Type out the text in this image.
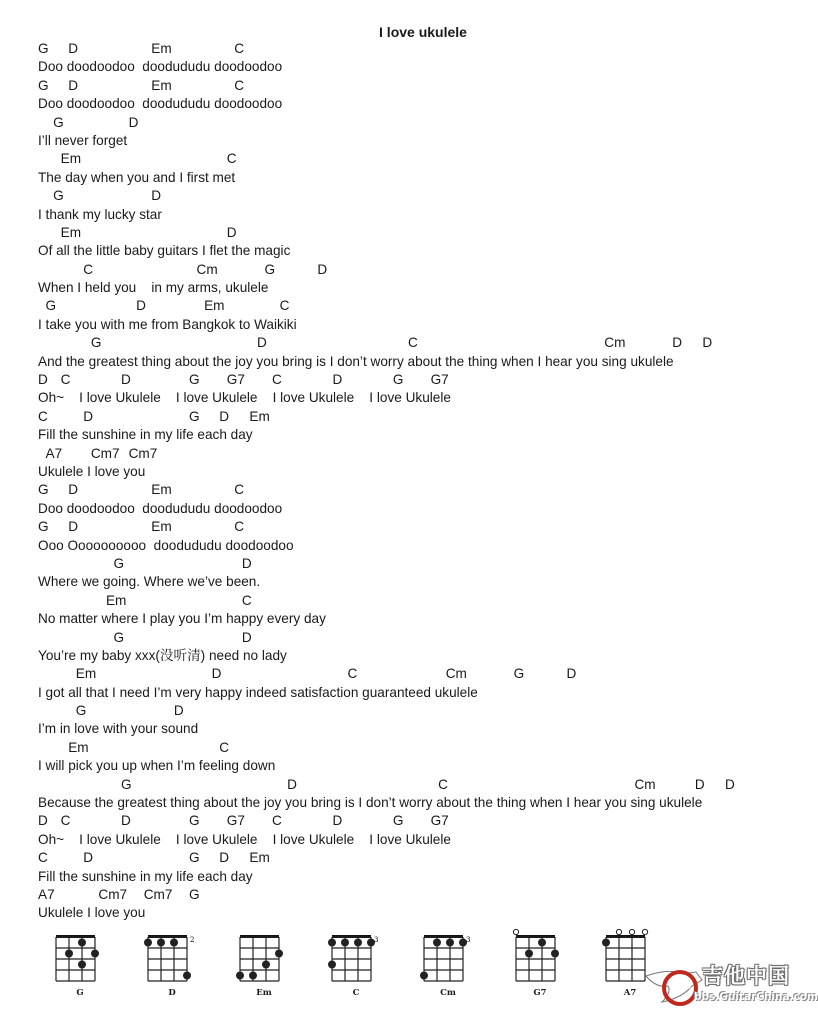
I love ukulele
G D	Em	C
Doo doodoodoo  doodududu doodoodoo
G D	Em	C
Doo doodoodoo  doodududu doodoodoo
G	D
I’ll never forget
Em	C
The day when you and I first met
G	D
I thank my lucky star
Em	D
Of all the little baby guitars I flet the magic
C	Cm	G	D
When I held you    in my arms, ukulele
G	D	Em	C
I take you with me from Bangkok to Waikiki
G	D	C	Cm	D D
And the greatest thing about the joy you bring is I don’t worry about the thing when I hear you sing ukulele
D C	D	G G7 C	D	G G7
Oh~    I love Ukulele    I love Ukulele    I love Ukulele    I love Ukulele
C	D	G D Em
Fill the sunshine in my life each day
A7 Cm7 Cm7
Ukulele I love you
G D	Em	C
Doo doodoodoo  doodududu doodoodoo
G D	Em	C
Ooo Oooooooooo  doodududu doodoodoo
G	D
Where we going. Where we’ve been.
Em	C
No matter where I play you I’m happy every day
G	D
You’re my baby xxx(没听清) need no lady
Em	D	C	Cm	G	D
I got all that I need I’m very happy indeed satisfaction guaranteed ukulele
G	D
I’m in love with your sound
Em	C
I will pick you up when I’m feeling down
G	D	C	Cm	D D
Because the greatest thing about the joy you bring is I don’t worry about the thing when I hear you sing ukulele
D C	D	G G7 C	D	G G7
Oh~    I love Ukulele    I love Ukulele    I love Ukulele    I love Ukulele
C	D	G D Em
Fill the sunshine in my life each day
A7	Cm7 Cm7 G
Ukulele I love you
G
2
D	Em
3
C
3
Cm	G7	A7
吉他中国
bbs.GuitarChina.com
